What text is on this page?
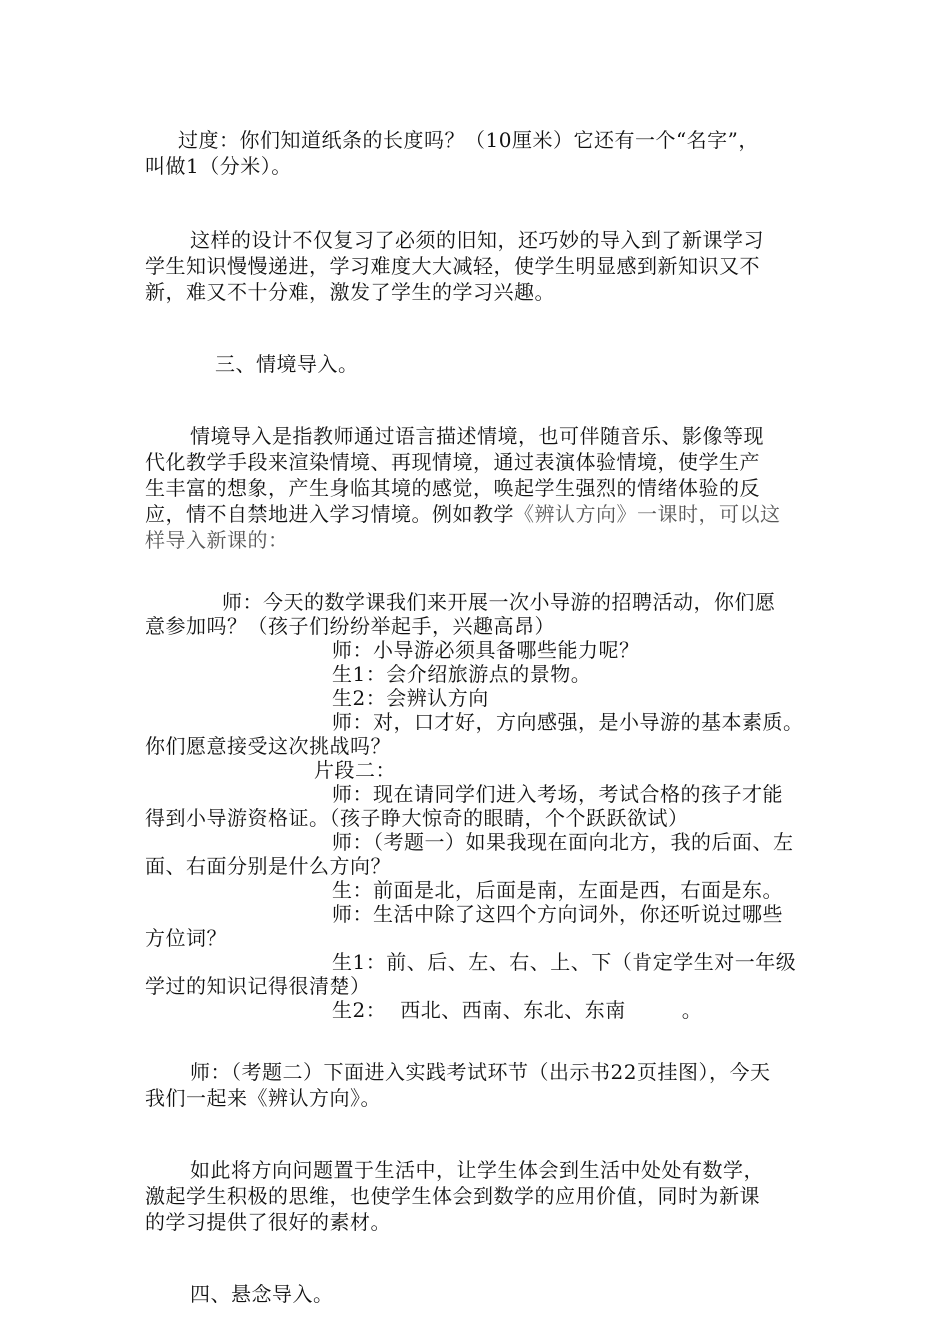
过度：你们知道纸条的长度吗？（10厘米）它还有一个“名字”，
叫做1（分米）。
这样的设计不仅复习了必须的旧知，还巧妙的导入到了新课学习
学生知识慢慢递进，学习难度大大减轻，使学生明显感到新知识又不
新，难又不十分难，激发了学生的学习兴趣。
三、情境导入。
情境导入是指教师通过语言描述情境，也可伴随音乐、影像等现
代化教学手段来渲染情境、再现情境，通过表演体验情境，使学生产
生丰富的想象，产生身临其境的感觉，唤起学生强烈的情绪体验的反
应，情不自禁地进入学习情境。例如教学《辨认方向》一课时，可以这
样导入新课的：
师：今天的数学课我们来开展一次小导游的招聘活动，你们愿
意参加吗？（孩子们纷纷举起手，兴趣高昂）
师：小导游必须具备哪些能力呢？
生1：会介绍旅游点的景物。
生2：会辨认方向
师：对，口才好，方向感强，是小导游的基本素质。
你们愿意接受这次挑战吗？
片段二：
师：现在请同学们进入考场，考试合格的孩子才能
得到小导游资格证。（孩子睁大惊奇的眼睛，个个跃跃欲试）
师：（考题一）如果我现在面向北方，我的后面、左
面、右面分别是什么方向？
生：前面是北，后面是南，左面是西，右面是东。
师：生活中除了这四个方向词外，你还听说过哪些
方位词？
生1：前、后、左、右、上、下（肯定学生对一年级
学过的知识记得很清楚）
生2： 西北、西南、东北、东南	。
师：（考题二）下面进入实践考试环节（出示书22页挂图），今天
我们一起来《辨认方向》。
如此将方向问题置于生活中，让学生体会到生活中处处有数学，
激起学生积极的思维，也使学生体会到数学的应用价值，同时为新课
的学习提供了很好的素材。
四、悬念导入。
